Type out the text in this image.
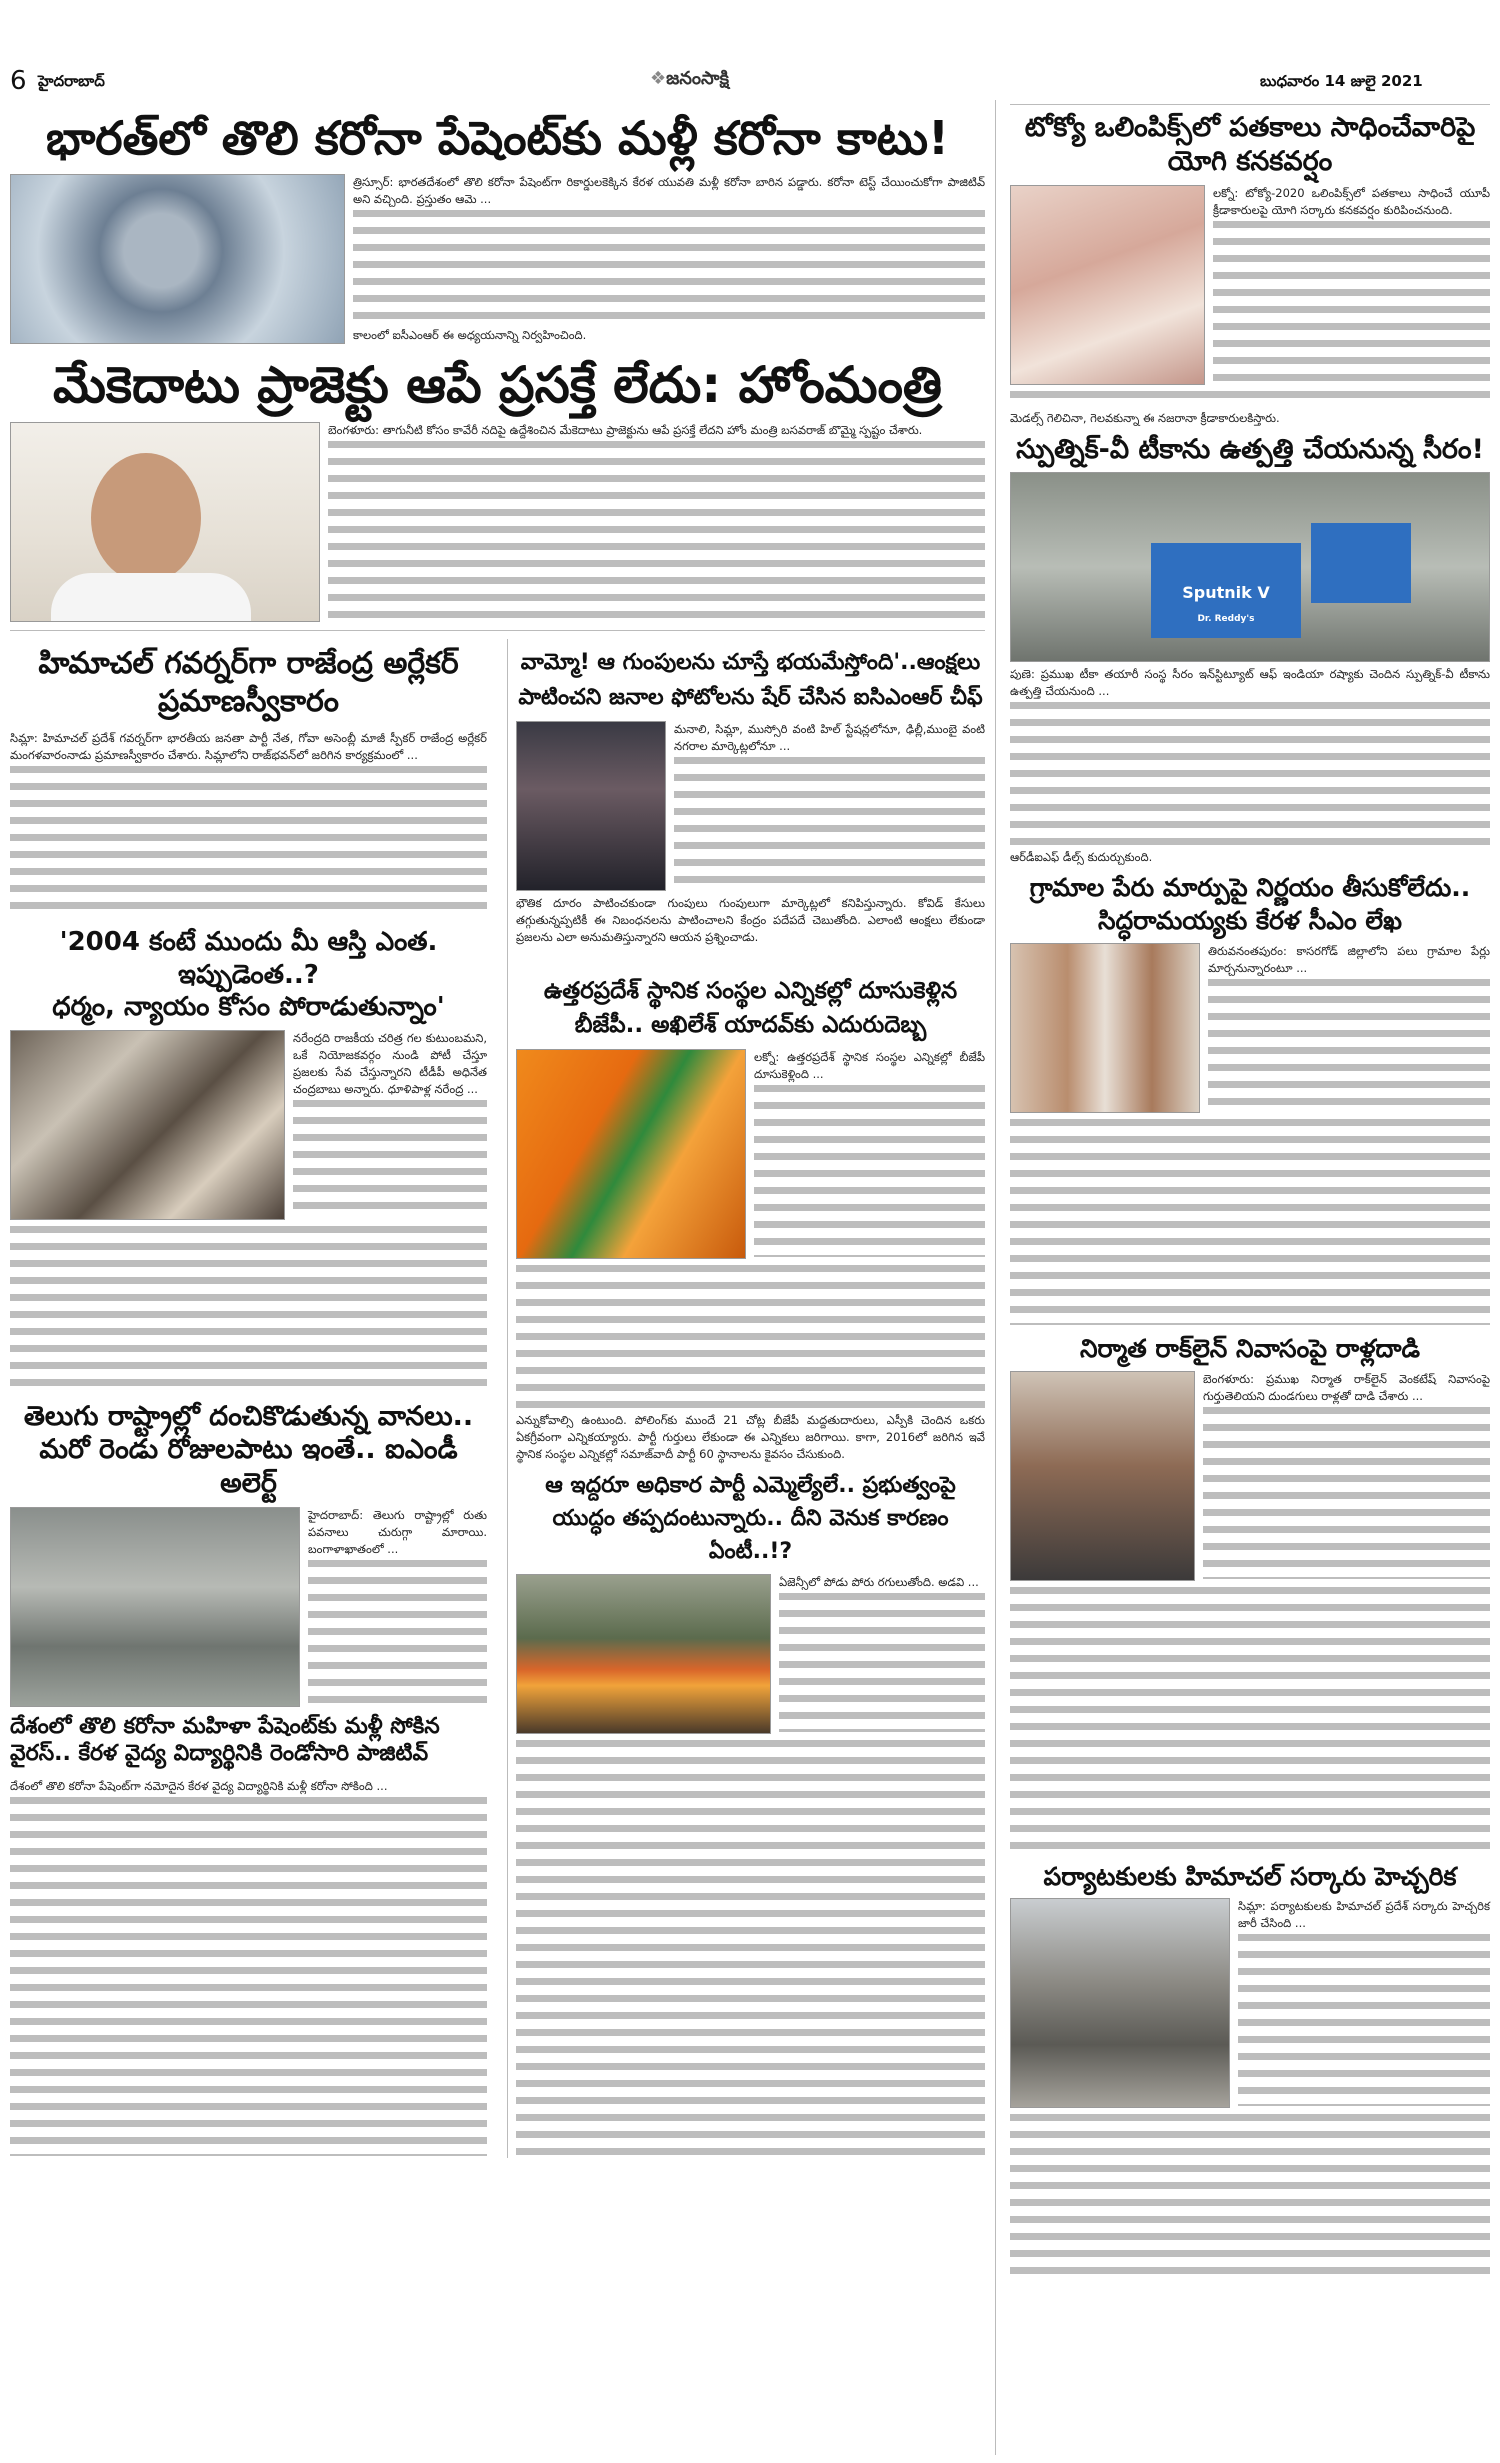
6 హైదరాబాద్	❖జనంసాక్షి	బుధవారం 14 జులై 2021
భారత్‌లో తొలి కరోనా పేషెంట్‌కు మళ్లీ కరోనా కాటు!
త్రిస్సూర్: భారతదేశంలో తొలి కరోనా పేషెంట్‌గా రికార్డులకెక్కిన కేరళ యువతి మళ్లీ కరోనా బారిన పడ్డారు. కరోనా టెస్ట్ చేయించుకోగా పాజిటివ్ అని వచ్చింది. ప్రస్తుతం ఆమె ...
కాలంలో ఐసీఎంఆర్ ఈ అధ్యయనాన్ని నిర్వహించింది.
మేకెదాటు ప్రాజెక్టు ఆపే ప్రసక్తే లేదు: హోంమంత్రి
బెంగళూరు: తాగునీటి కోసం కావేరీ నదిపై ఉద్దేశించిన మేకెదాటు ప్రాజెక్టును ఆపే ప్రసక్తే లేదని హోం మంత్రి బసవరాజ్ బొమ్మై స్పష్టం చేశారు.
హిమాచల్ గవర్నర్‌గా రాజేంద్ర అర్లేకర్ ప్రమాణస్వీకారం
సిమ్లా: హిమాచల్ ప్రదేశ్ గవర్నర్‌గా భారతీయ జనతా పార్టీ నేత, గోవా అసెంబ్లీ మాజీ స్పీకర్ రాజేంద్ర అర్లేకర్ మంగళవారంనాడు ప్రమాణస్వీకారం చేశారు. సిమ్లాలోని రాజ్‌భవన్‌లో జరిగిన కార్యక్రమంలో ...
'2004 కంటే ముందు మీ ఆస్తి ఎంత. ఇప్పుడెంత..?
ధర్మం, న్యాయం కోసం పోరాడుతున్నాం'
నరేంద్రది రాజకీయ చరిత్ర గల కుటుంబమని, ఒకే నియోజకవర్గం నుండి పోటీ చేస్తూ ప్రజలకు సేవ చేస్తున్నారని టీడీపీ అధినేత చంద్రబాబు అన్నారు. ధూళిపాళ్ల నరేంద్ర ...
తెలుగు రాష్ట్రాల్లో దంచికొడుతున్న వానలు.. మరో రెండు రోజులపాటు ఇంతే.. ఐఎండీ అలెర్ట్
హైదరాబాద్: తెలుగు రాష్ట్రాల్లో రుతు పవనాలు చురుగ్గా మారాయి. బంగాళాఖాతంలో ...
దేశంలో తొలి కరోనా మహిళా పేషెంట్‌కు మళ్లీ సోకిన వైరస్.. కేరళ వైద్య విద్యార్థినికి రెండోసారి పాజిటివ్
దేశంలో తొలి కరోనా పేషెంట్‌గా నమోదైన కేరళ వైద్య విద్యార్థినికి మళ్లీ కరోనా సోకింది ...
వామ్మో! ఆ గుంపులను చూస్తే భయమేస్తోంది'..ఆంక్షలు పాటించని జనాల ఫోటోలను షేర్ చేసిన ఐసిఎంఆర్ చీఫ్
మనాలి, సిమ్లా, ముస్సోరి వంటి హిల్ స్టేషన్లలోనూ, ఢిల్లీ,ముంబై వంటి నగరాల మార్కెట్లలోనూ ...
భౌతిక దూరం పాటించకుండా గుంపులు గుంపులుగా మార్కెట్లలో కనిపిస్తున్నారు. కోవిడ్ కేసులు తగ్గుతున్నప్పటికీ ఈ నిబంధనలను పాటించాలని కేంద్రం పదేపదే చెబుతోంది. ఎలాంటి ఆంక్షలు లేకుండా ప్రజలను ఎలా అనుమతిస్తున్నారని ఆయన ప్రశ్నించాడు.
ఉత్తరప్రదేశ్ స్థానిక సంస్థల ఎన్నికల్లో దూసుకెళ్లిన బీజేపీ.. అఖిలేశ్ యాదవ్‌కు ఎదురుదెబ్బ
లక్నో: ఉత్తరప్రదేశ్ స్థానిక సంస్థల ఎన్నికల్లో బీజేపీ దూసుకెళ్లింది ...
ఎన్నుకోవాల్సి ఉంటుంది. పోలింగ్‌కు ముందే 21 చోట్ల బీజేపీ మద్దతుదారులు, ఎస్పీకి చెందిన ఒకరు ఏకగ్రీవంగా ఎన్నికయ్యారు. పార్టీ గుర్తులు లేకుండా ఈ ఎన్నికలు జరిగాయి. కాగా, 2016లో జరిగిన ఇవే స్థానిక సంస్థల ఎన్నికల్లో సమాజ్‌వాదీ పార్టీ 60 స్థానాలను కైవసం చేసుకుంది.
ఆ ఇద్దరూ అధికార పార్టీ ఎమ్మెల్యేలే.. ప్రభుత్వంపై యుద్ధం తప్పదంటున్నారు.. దీని వెనుక కారణం ఏంటీ..!?
ఏజెన్సీలో పోడు పోరు రగులుతోంది. అడవి ...
టోక్యో ఒలింపిక్స్‌లో పతకాలు సాధించేవారిపై యోగి కనకవర్షం
లక్నో: టోక్యో-2020 ఒలింపిక్స్‌లో పతకాలు సాధించే యూపీ క్రీడాకారులపై యోగి సర్కారు కనకవర్షం కురిపించనుంది.
మెడల్స్ గెలిచినా, గెలవకున్నా ఈ నజరానా క్రీడాకారులకిస్తారు.
స్పుత్నిక్-వీ టీకాను ఉత్పత్తి చేయనున్న సీరం!
Sputnik V
Dr. Reddy's
పుణె: ప్రముఖ టీకా తయారీ సంస్థ సీరం ఇన్‌స్టిట్యూట్ ఆఫ్ ఇండియా రష్యాకు చెందిన స్పుత్నిక్-వీ టీకాను ఉత్పత్తి చేయనుంది ...
ఆర్‌డీఐఎఫ్ డీల్స్ కుదుర్చుకుంది.
గ్రామాల పేరు మార్పుపై నిర్ణయం తీసుకోలేదు.. సిద్ధరామయ్యకు కేరళ సీఎం లేఖ
తిరువనంతపురం: కాసరగోడ్ జిల్లాలోని పలు గ్రామాల పేర్లు మార్చనున్నారంటూ ...
నిర్మాత రాక్‌లైన్ నివాసంపై రాళ్లదాడి
బెంగళూరు: ప్రముఖ నిర్మాత రాక్‌లైన్ వెంకటేష్ నివాసంపై గుర్తుతెలియని దుండగులు రాళ్లతో దాడి చేశారు ...
పర్యాటకులకు హిమాచల్ సర్కారు హెచ్చరిక
సిమ్లా: పర్యాటకులకు హిమాచల్ ప్రదేశ్ సర్కారు హెచ్చరిక జారీ చేసింది ...
